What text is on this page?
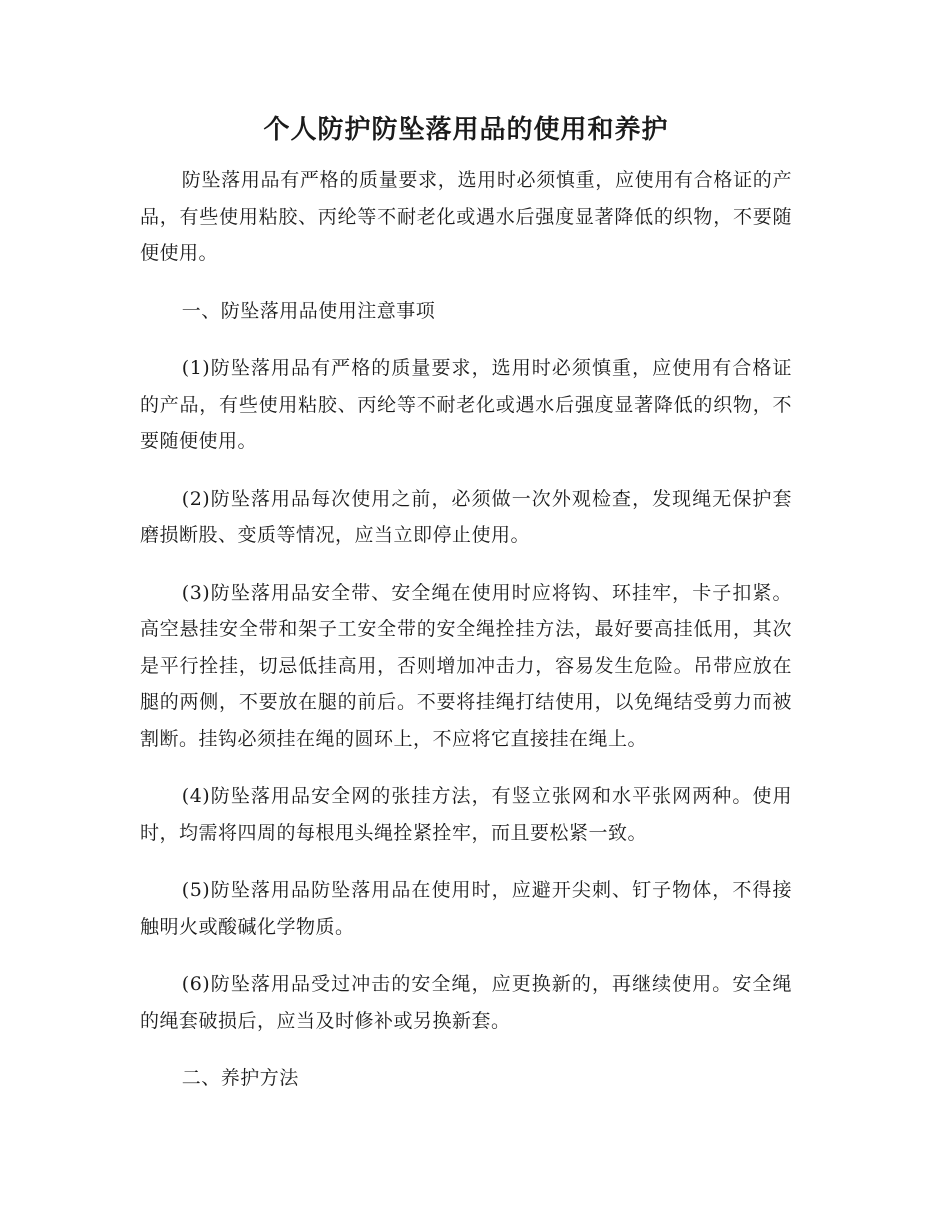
个人防护防坠落用品的使用和养护

防坠落用品有严格的质量要求，选用时必须慎重，应使用有合格证的产品，有些使用粘胶、丙纶等不耐老化或遇水后强度显著降低的织物，不要随便使用。

一、防坠落用品使用注意事项

(1)防坠落用品有严格的质量要求，选用时必须慎重，应使用有合格证的产品，有些使用粘胶、丙纶等不耐老化或遇水后强度显著降低的织物，不要随便使用。

(2)防坠落用品每次使用之前，必须做一次外观检查，发现绳无保护套磨损断股、变质等情况，应当立即停止使用。

(3)防坠落用品安全带、安全绳在使用时应将钩、环挂牢，卡子扣紧。高空悬挂安全带和架子工安全带的安全绳拴挂方法，最好要高挂低用，其次是平行拴挂，切忌低挂高用，否则增加冲击力，容易发生危险。吊带应放在腿的两侧，不要放在腿的前后。不要将挂绳打结使用，以免绳结受剪力而被割断。挂钩必须挂在绳的圆环上，不应将它直接挂在绳上。

(4)防坠落用品安全网的张挂方法，有竖立张网和水平张网两种。使用时，均需将四周的每根甩头绳拴紧拴牢，而且要松紧一致。

(5)防坠落用品防坠落用品在使用时，应避开尖刺、钉子物体，不得接触明火或酸碱化学物质。

(6)防坠落用品受过冲击的安全绳，应更换新的，再继续使用。安全绳的绳套破损后，应当及时修补或另换新套。

二、养护方法
